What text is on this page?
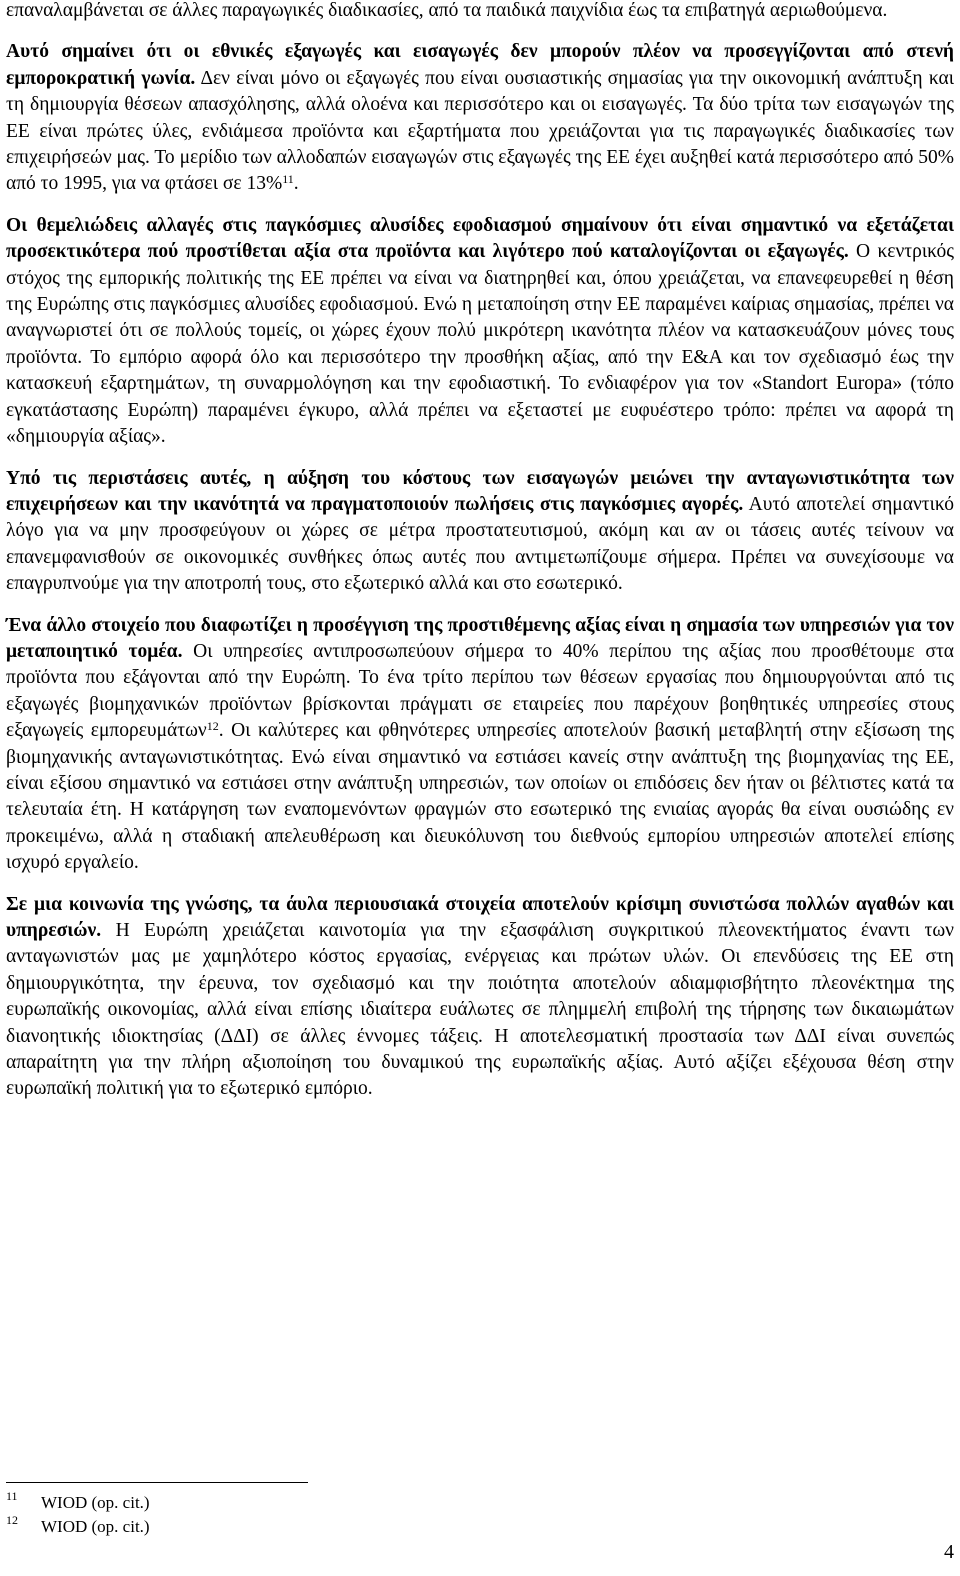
επαναλαμβάνεται σε άλλες παραγωγικές διαδικασίες, από τα παιδικά παιχνίδια έως τα επιβατηγά αεριωθούμενα.

Αυτό σημαίνει ότι οι εθνικές εξαγωγές και εισαγωγές δεν μπορούν πλέον να προσεγγίζονται από στενή εμποροκρατική γωνία. Δεν είναι μόνο οι εξαγωγές που είναι ουσιαστικής σημασίας για την οικονομική ανάπτυξη και τη δημιουργία θέσεων απασχόλησης, αλλά ολοένα και περισσότερο και οι εισαγωγές. Τα δύο τρίτα των εισαγωγών της ΕΕ είναι πρώτες ύλες, ενδιάμεσα προϊόντα και εξαρτήματα που χρειάζονται για τις παραγωγικές διαδικασίες των επιχειρήσεών μας. Το μερίδιο των αλλοδαπών εισαγωγών στις εξαγωγές της ΕΕ έχει αυξηθεί κατά περισσότερο από 50% από το 1995, για να φτάσει σε 13%$^{11}$.

Οι θεμελιώδεις αλλαγές στις παγκόσμιες αλυσίδες εφοδιασμού σημαίνουν ότι είναι σημαντικό να εξετάζεται προσεκτικότερα πού προστίθεται αξία στα προϊόντα και λιγότερο πού καταλογίζονται οι εξαγωγές. Ο κεντρικός στόχος της εμπορικής πολιτικής της ΕΕ πρέπει να είναι να διατηρηθεί και, όπου χρειάζεται, να επανεφευρεθεί η θέση της Ευρώπης στις παγκόσμιες αλυσίδες εφοδιασμού. Ενώ η μεταποίηση στην ΕΕ παραμένει καίριας σημασίας, πρέπει να αναγνωριστεί ότι σε πολλούς τομείς, οι χώρες έχουν πολύ μικρότερη ικανότητα πλέον να κατασκευάζουν μόνες τους προϊόντα. Το εμπόριο αφορά όλο και περισσότερο την προσθήκη αξίας, από την Ε&Α και τον σχεδιασμό έως την κατασκευή εξαρτημάτων, τη συναρμολόγηση και την εφοδιαστική. Το ενδιαφέρον για τον «Standort Europa» (τόπο εγκατάστασης Ευρώπη) παραμένει έγκυρο, αλλά πρέπει να εξεταστεί με ευφυέστερο τρόπο: πρέπει να αφορά τη «δημιουργία αξίας».

Υπό τις περιστάσεις αυτές, η αύξηση του κόστους των εισαγωγών μειώνει την ανταγωνιστικότητα των επιχειρήσεων και την ικανότητά να πραγματοποιούν πωλήσεις στις παγκόσμιες αγορές. Αυτό αποτελεί σημαντικό λόγο για να μην προσφεύγουν οι χώρες σε μέτρα προστατευτισμού, ακόμη και αν οι τάσεις αυτές τείνουν να επανεμφανισθούν σε οικονομικές συνθήκες όπως αυτές που αντιμετωπίζουμε σήμερα. Πρέπει να συνεχίσουμε να επαγρυπνούμε για την αποτροπή τους, στο εξωτερικό αλλά και στο εσωτερικό.

Ένα άλλο στοιχείο που διαφωτίζει η προσέγγιση της προστιθέμενης αξίας είναι η σημασία των υπηρεσιών για τον μεταποιητικό τομέα. Οι υπηρεσίες αντιπροσωπεύουν σήμερα το 40% περίπου της αξίας που προσθέτουμε στα προϊόντα που εξάγονται από την Ευρώπη. Το ένα τρίτο περίπου των θέσεων εργασίας που δημιουργούνται από τις εξαγωγές βιομηχανικών προϊόντων βρίσκονται πράγματι σε εταιρείες που παρέχουν βοηθητικές υπηρεσίες στους εξαγωγείς εμπορευμάτων$^{12}$. Οι καλύτερες και φθηνότερες υπηρεσίες αποτελούν βασική μεταβλητή στην εξίσωση της βιομηχανικής ανταγωνιστικότητας. Ενώ είναι σημαντικό να εστιάσει κανείς στην ανάπτυξη της βιομηχανίας της ΕΕ, είναι εξίσου σημαντικό να εστιάσει στην ανάπτυξη υπηρεσιών, των οποίων οι επιδόσεις δεν ήταν οι βέλτιστες κατά τα τελευταία έτη. Η κατάργηση των εναπομενόντων φραγμών στο εσωτερικό της ενιαίας αγοράς θα είναι ουσιώδης εν προκειμένω, αλλά η σταδιακή απελευθέρωση και διευκόλυνση του διεθνούς εμπορίου υπηρεσιών αποτελεί επίσης ισχυρό εργαλείο.

Σε μια κοινωνία της γνώσης, τα άυλα περιουσιακά στοιχεία αποτελούν κρίσιμη συνιστώσα πολλών αγαθών και υπηρεσιών. Η Ευρώπη χρειάζεται καινοτομία για την εξασφάλιση συγκριτικού πλεονεκτήματος έναντι των ανταγωνιστών μας με χαμηλότερο κόστος εργασίας, ενέργειας και πρώτων υλών. Οι επενδύσεις της ΕΕ στη δημιουργικότητα, την έρευνα, τον σχεδιασμό και την ποιότητα αποτελούν αδιαμφισβήτητο πλεονέκτημα της ευρωπαϊκής οικονομίας, αλλά είναι επίσης ιδιαίτερα ευάλωτες σε πλημμελή επιβολή της τήρησης των δικαιωμάτων διανοητικής ιδιοκτησίας (ΔΔΙ) σε άλλες έννομες τάξεις. Η αποτελεσματική προστασία των ΔΔΙ είναι συνεπώς απαραίτητη για την πλήρη αξιοποίηση του δυναμικού της ευρωπαϊκής αξίας. Αυτό αξίζει εξέχουσα θέση στην ευρωπαϊκή πολιτική για το εξωτερικό εμπόριο.

11 WIOD (op. cit.)
12 WIOD (op. cit.)
4
